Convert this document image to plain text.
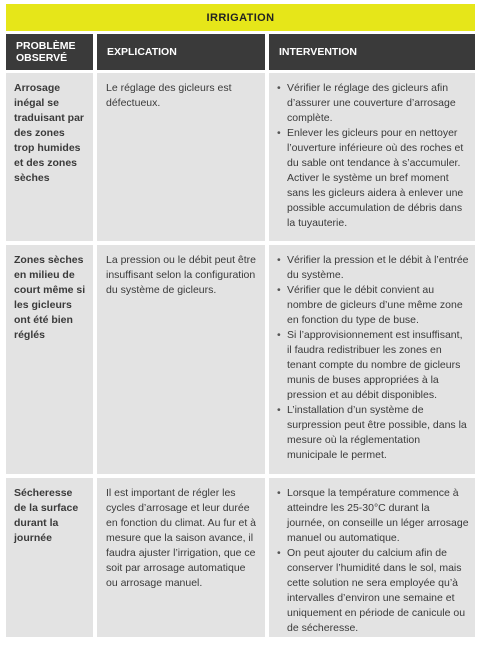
IRRIGATION
PROBLÈME OBSERVÉ	EXPLICATION	INTERVENTION
Arrosage inégal se traduisant par des zones trop humides et des zones sèches
Le réglage des gicleurs est défectueux.
• Vérifier le réglage des gicleurs afin d’assurer une couverture d’arrosage complète.
• Enlever les gicleurs pour en nettoyer l’ouverture inférieure où des roches et du sable ont tendance à s’accumuler. Activer le système un bref moment sans les gicleurs aidera à enlever une possible accumulation de débris dans la tuyauterie.
Zones sèches en milieu de court même si les gicleurs ont été bien réglés
La pression ou le débit peut être insuffisant selon la configuration du système de gicleurs.
• Vérifier la pression et le débit à l’entrée du système.
• Vérifier que le débit convient au nombre de gicleurs d’une même zone en fonction du type de buse.
• Si l’approvisionnement est insuffisant, il faudra redistribuer les zones en tenant compte du nombre de gicleurs munis de buses appropriées à la pression et au débit disponibles.
• L’installation d’un système de surpression peut être possible, dans la mesure où la réglementation municipale le permet.
Sécheresse de la surface durant la journée
Il est important de régler les cycles d’arrosage et leur durée en fonction du climat. Au fur et à mesure que la saison avance, il faudra ajuster l’irrigation, que ce soit par arrosage automatique ou arrosage manuel.
• Lorsque la température commence à atteindre les 25-30°C durant la journée, on conseille un léger arrosage manuel ou automatique.
• On peut ajouter du calcium afin de conserver l’humidité dans le sol, mais cette solution ne sera employée qu’à intervalles d’environ une semaine et uniquement en période de canicule ou de sécheresse.
